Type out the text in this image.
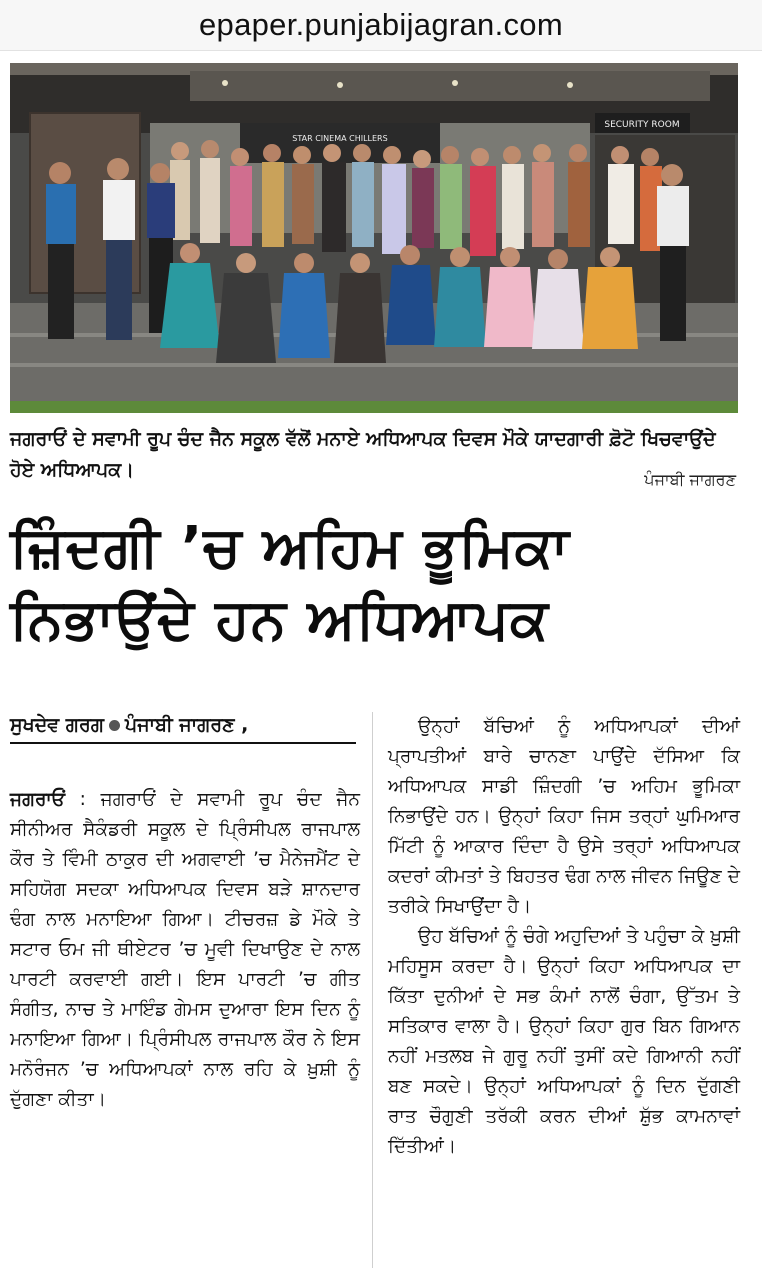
epaper.punjabijagran.com
STAR CINEMA CHILLERS
SECURITY ROOM
ਜਗਰਾਓਂ ਦੇ ਸਵਾਮੀ ਰੂਪ ਚੰਦ ਜੈਨ ਸਕੂਲ ਵੱਲੋਂ ਮਨਾਏ ਅਧਿਆਪਕ ਦਿਵਸ ਮੌਕੇ ਯਾਦਗਾਰੀ ਫ਼ੋਟੋ ਖਿਚਵਾਉਂਦੇ ਹੋਏ ਅਧਿਆਪਕ।	ਪੰਜਾਬੀ ਜਾਗਰਣ
ਜ਼ਿੰਦਗੀ ’ਚ ਅਹਿਮ ਭੂਮਿਕਾ
ਨਿਭਾਉਂਦੇ ਹਨ ਅਧਿਆਪਕ
ਸੁਖਦੇਵ ਗਰਗ ਪੰਜਾਬੀ ਜਾਗਰਣ ,

ਜਗਰਾਓਂ : ਜਗਰਾਓਂ ਦੇ ਸਵਾਮੀ ਰੂਪ ਚੰਦ ਜੈਨ ਸੀਨੀਅਰ ਸੈਕੰਡਰੀ ਸਕੂਲ ਦੇ ਪ੍ਰਿੰਸੀਪਲ ਰਾਜਪਾਲ ਕੌਰ ਤੇ ਵਿੰਮੀ ਠਾਕੁਰ ਦੀ ਅਗਵਾਈ ’ਚ ਮੈਨੇਜਮੈਂਟ ਦੇ ਸਹਿਯੋਗ ਸਦਕਾ ਅਧਿਆਪਕ ਦਿਵਸ ਬੜੇ ਸ਼ਾਨਦਾਰ ਢੰਗ ਨਾਲ ਮਨਾਇਆ ਗਿਆ। ਟੀਚਰਜ਼ ਡੇ ਮੌਕੇ ਤੇ ਸਟਾਰ ਓਮ ਜੀ ਥੀਏਟਰ ’ਚ ਮੂਵੀ ਦਿਖਾਉਣ ਦੇ ਨਾਲ ਪਾਰਟੀ ਕਰਵਾਈ ਗਈ। ਇਸ ਪਾਰਟੀ ’ਚ ਗੀਤ ਸੰਗੀਤ, ਨਾਚ ਤੇ ਮਾਇੰਡ ਗੇਮਸ ਦੁਆਰਾ ਇਸ ਦਿਨ ਨੂੰ ਮਨਾਇਆ ਗਿਆ। ਪ੍ਰਿੰਸੀਪਲ ਰਾਜਪਾਲ ਕੌਰ ਨੇ ਇਸ ਮਨੋਰੰਜਨ ’ਚ ਅਧਿਆਪਕਾਂ ਨਾਲ ਰਹਿ ਕੇ ਖ਼ੁਸ਼ੀ ਨੂੰ ਦੁੱਗਣਾ ਕੀਤਾ।

ਉਨ੍ਹਾਂ ਬੱਚਿਆਂ ਨੂੰ ਅਧਿਆਪਕਾਂ ਦੀਆਂ ਪ੍ਰਾਪਤੀਆਂ ਬਾਰੇ ਚਾਨਣਾ ਪਾਉਂਦੇ ਦੱਸਿਆ ਕਿ ਅਧਿਆਪਕ ਸਾਡੀ ਜ਼ਿੰਦਗੀ ’ਚ ਅਹਿਮ ਭੂਮਿਕਾ ਨਿਭਾਉਂਦੇ ਹਨ। ਉਨ੍ਹਾਂ ਕਿਹਾ ਜਿਸ ਤਰ੍ਹਾਂ ਘੁਮਿਆਰ ਮਿੱਟੀ ਨੂੰ ਆਕਾਰ ਦਿੰਦਾ ਹੈ ਉਸੇ ਤਰ੍ਹਾਂ ਅਧਿਆਪਕ ਕਦਰਾਂ ਕੀਮਤਾਂ ਤੇ ਬਿਹਤਰ ਢੰਗ ਨਾਲ ਜੀਵਨ ਜਿਊਣ ਦੇ ਤਰੀਕੇ ਸਿਖਾਉਂਦਾ ਹੈ।

ਉਹ ਬੱਚਿਆਂ ਨੂੰ ਚੰਗੇ ਅਹੁਦਿਆਂ ਤੇ ਪਹੁੰਚਾ ਕੇ ਖ਼ੁਸ਼ੀ ਮਹਿਸੂਸ ਕਰਦਾ ਹੈ। ਉਨ੍ਹਾਂ ਕਿਹਾ ਅਧਿਆਪਕ ਦਾ ਕਿੱਤਾ ਦੁਨੀਆਂ ਦੇ ਸਭ ਕੰਮਾਂ ਨਾਲੋਂ ਚੰਗਾ, ਉੱਤਮ ਤੇ ਸਤਿਕਾਰ ਵਾਲਾ ਹੈ। ਉਨ੍ਹਾਂ ਕਿਹਾ ਗੁਰ ਬਿਨ ਗਿਆਨ ਨਹੀਂ ਮਤਲਬ ਜੇ ਗੁਰੂ ਨਹੀਂ ਤੁਸੀਂ ਕਦੇ ਗਿਆਨੀ ਨਹੀਂ ਬਣ ਸਕਦੇ। ਉਨ੍ਹਾਂ ਅਧਿਆਪਕਾਂ ਨੂੰ ਦਿਨ ਦੁੱਗਣੀ ਰਾਤ ਚੌਗੁਣੀ ਤਰੱਕੀ ਕਰਨ ਦੀਆਂ ਸ਼ੁੱਭ ਕਾਮਨਾਵਾਂ ਦਿੱਤੀਆਂ।
